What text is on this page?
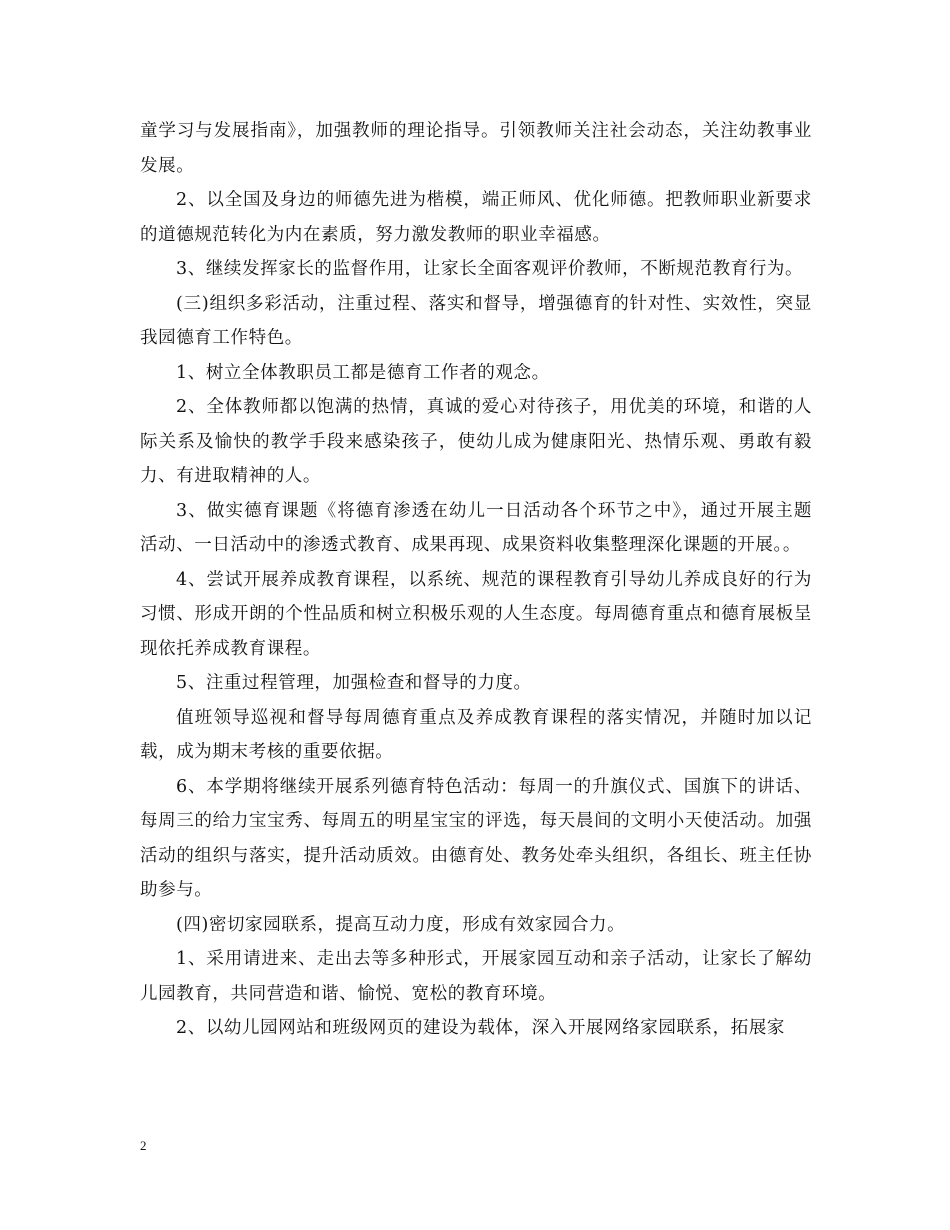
童学习与发展指南》，加强教师的理论指导。引领教师关注社会动态，关注幼教事业发展。

2、以全国及身边的师德先进为楷模，端正师风、优化师德。把教师职业新要求的道德规范转化为内在素质，努力激发教师的职业幸福感。

3、继续发挥家长的监督作用，让家长全面客观评价教师，不断规范教育行为。

(三)组织多彩活动，注重过程、落实和督导，增强德育的针对性、实效性，突显我园德育工作特色。

1、树立全体教职员工都是德育工作者的观念。

2、全体教师都以饱满的热情，真诚的爱心对待孩子，用优美的环境，和谐的人际关系及愉快的教学手段来感染孩子，使幼儿成为健康阳光、热情乐观、勇敢有毅力、有进取精神的人。

3、做实德育课题《将德育渗透在幼儿一日活动各个环节之中》，通过开展主题活动、一日活动中的渗透式教育、成果再现、成果资料收集整理深化课题的开展。。

4、尝试开展养成教育课程，以系统、规范的课程教育引导幼儿养成良好的行为习惯、形成开朗的个性品质和树立积极乐观的人生态度。每周德育重点和德育展板呈现依托养成教育课程。

5、注重过程管理，加强检查和督导的力度。

值班领导巡视和督导每周德育重点及养成教育课程的落实情况，并随时加以记载，成为期末考核的重要依据。

6、本学期将继续开展系列德育特色活动：每周一的升旗仪式、国旗下的讲话、每周三的给力宝宝秀、每周五的明星宝宝的评选，每天晨间的文明小天使活动。加强活动的组织与落实，提升活动质效。由德育处、教务处牵头组织，各组长、班主任协助参与。

(四)密切家园联系，提高互动力度，形成有效家园合力。

1、采用请进来、走出去等多种形式，开展家园互动和亲子活动，让家长了解幼儿园教育，共同营造和谐、愉悦、宽松的教育环境。

2、以幼儿园网站和班级网页的建设为载体，深入开展网络家园联系，拓展家

2
